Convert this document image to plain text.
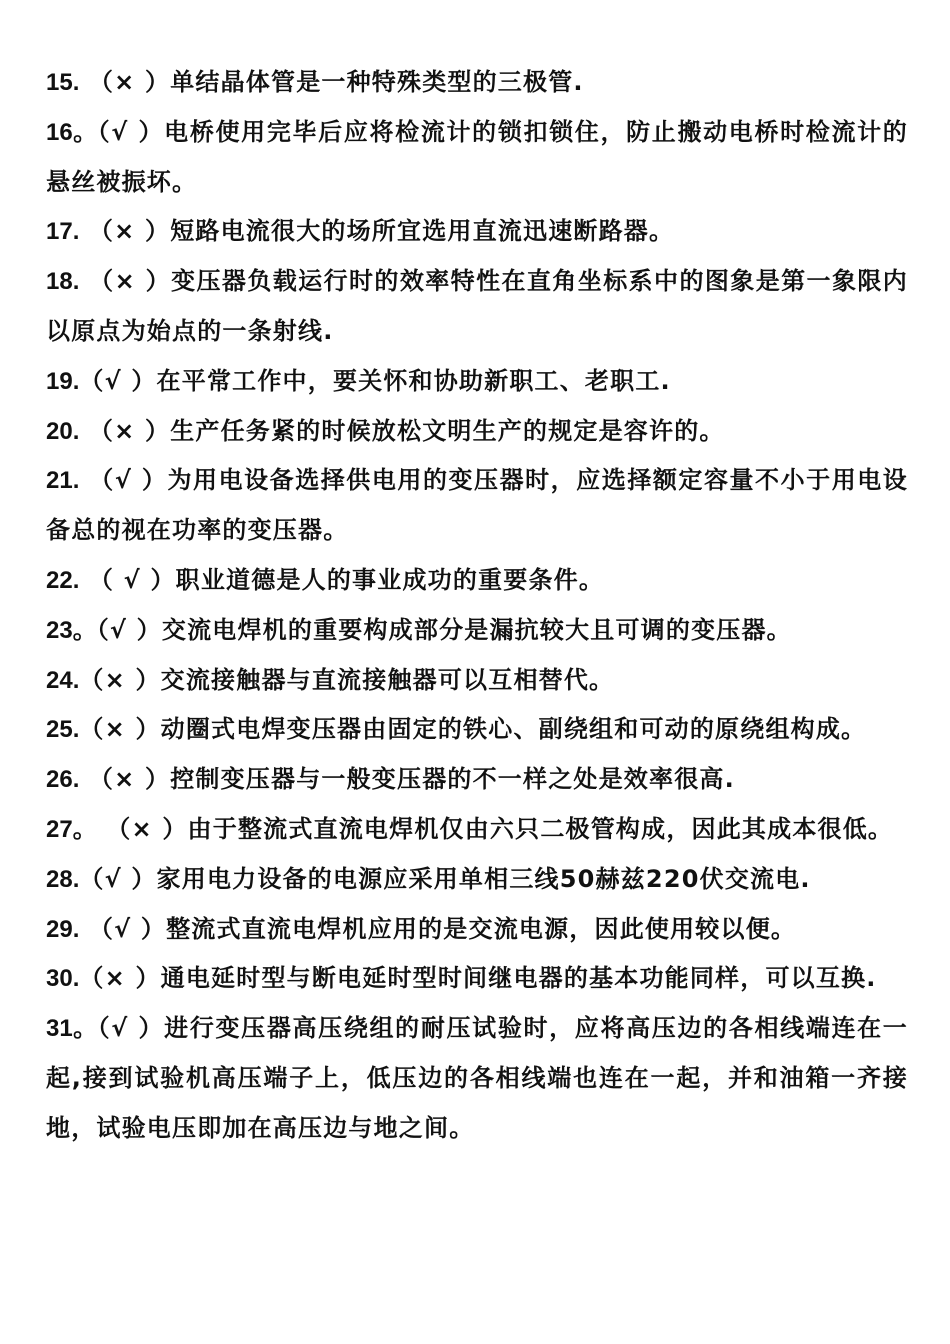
15. （× ）单结晶体管是一种特殊类型的三极管.

16。（√ ）电桥使用完毕后应将检流计的锁扣锁住，防止搬动电桥时检流计的悬丝被振坏。

17. （× ）短路电流很大的场所宜选用直流迅速断路器。

18. （× ）变压器负载运行时的效率特性在直角坐标系中的图象是第一象限内以原点为始点的一条射线.

19.（√ ）在平常工作中，要关怀和协助新职工、老职工.

20. （× ）生产任务紧的时候放松文明生产的规定是容许的。

21. （√ ）为用电设备选择供电用的变压器时，应选择额定容量不小于用电设备总的视在功率的变压器。

22. （ √ ）职业道德是人的事业成功的重要条件。

23。（√ ）交流电焊机的重要构成部分是漏抗较大且可调的变压器。

24.（× ）交流接触器与直流接触器可以互相替代。

25.（× ）动圈式电焊变压器由固定的铁心、副绕组和可动的原绕组构成。

26. （× ）控制变压器与一般变压器的不一样之处是效率很高.

27。 （× ）由于整流式直流电焊机仅由六只二极管构成，因此其成本很低。

28.（√ ）家用电力设备的电源应采用单相三线50赫兹220伏交流电.

29. （√ ）整流式直流电焊机应用的是交流电源，因此使用较以便。

30.（× ）通电延时型与断电延时型时间继电器的基本功能同样，可以互换.

31。（√ ）进行变压器高压绕组的耐压试验时，应将高压边的各相线端连在一起,接到试验机高压端子上，低压边的各相线端也连在一起，并和油箱一齐接地，试验电压即加在高压边与地之间。
